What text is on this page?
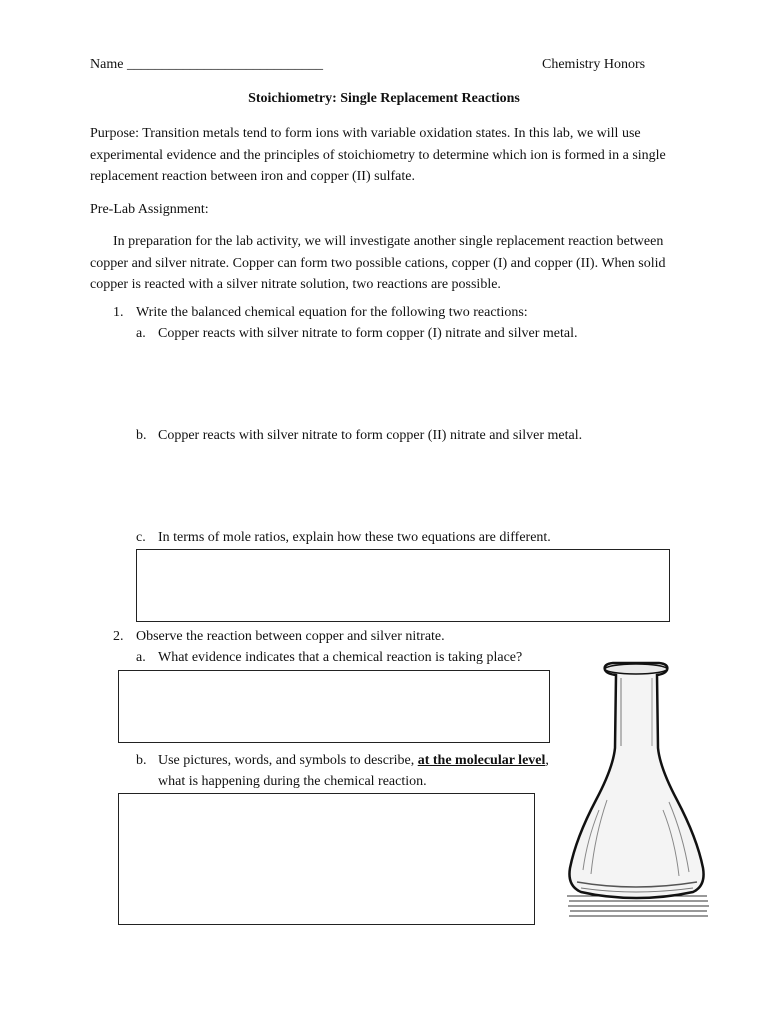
Name ____________________________	Chemistry Honors

Stoichiometry: Single Replacement Reactions

Purpose: Transition metals tend to form ions with variable oxidation states. In this lab, we will use experimental evidence and the principles of stoichiometry to determine which ion is formed in a single replacement reaction between iron and copper (II) sulfate.

Pre-Lab Assignment:

In preparation for the lab activity, we will investigate another single replacement reaction between copper and silver nitrate. Copper can form two possible cations, copper (I) and copper (II). When solid copper is reacted with a silver nitrate solution, two reactions are possible.

1. Write the balanced chemical equation for the following two reactions:

a. Copper reacts with silver nitrate to form copper (I) nitrate and silver metal.

b. Copper reacts with silver nitrate to form copper (II) nitrate and silver metal.

c. In terms of mole ratios, explain how these two equations are different.

2. Observe the reaction between copper and silver nitrate.

a. What evidence indicates that a chemical reaction is taking place?

b. Use pictures, words, and symbols to describe, at the molecular level,

what is happening during the chemical reaction.
